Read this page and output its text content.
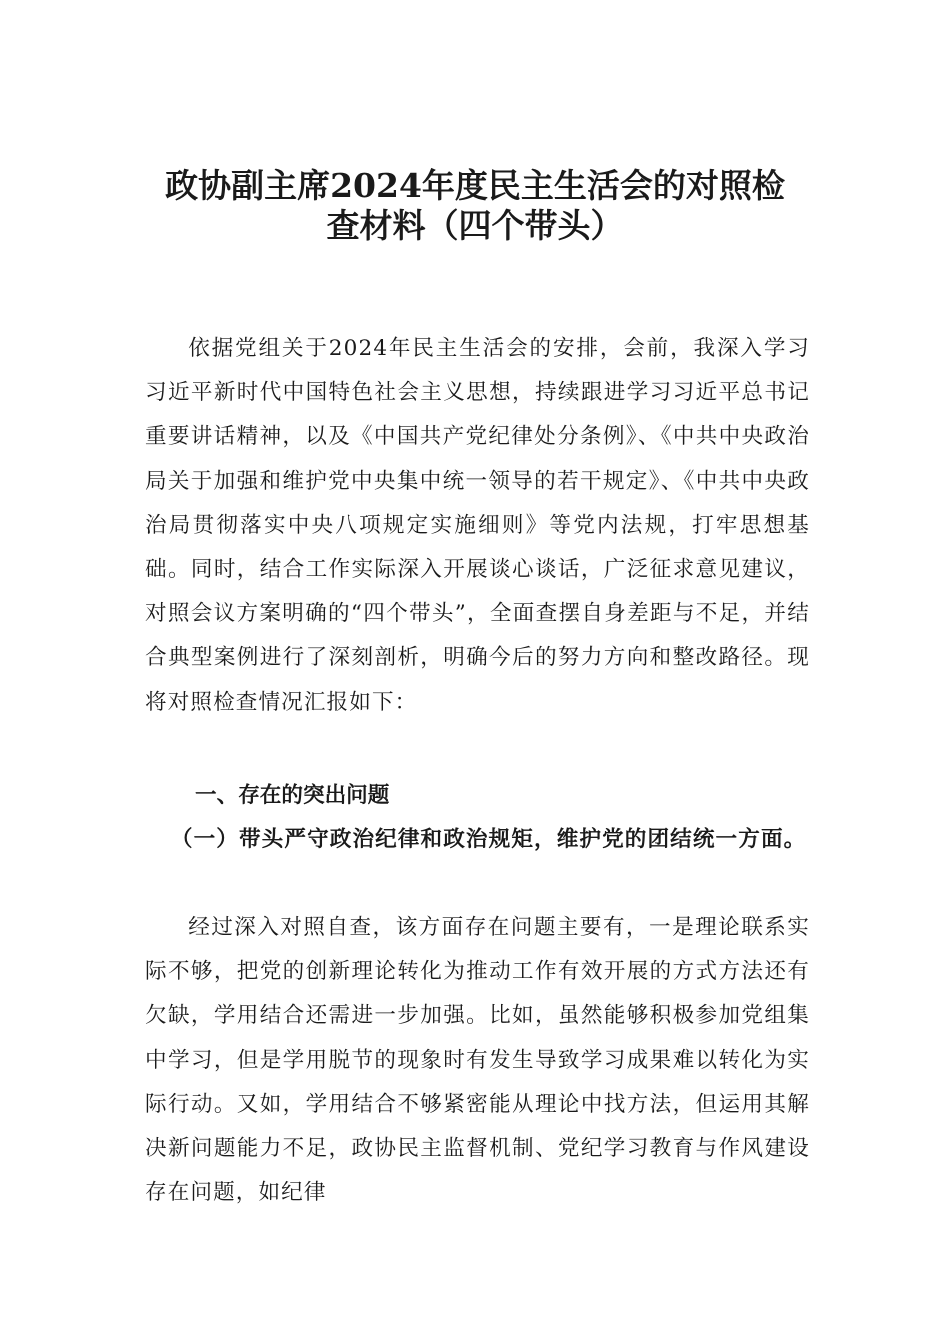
政协副主席2024年度民主生活会的对照检
查材料（四个带头）

依据党组关于2024年民主生活会的安排，会前，我深入学习习近平新时代中国特色社会主义思想，持续跟进学习习近平总书记重要讲话精神，以及《中国共产党纪律处分条例》、《中共中央政治局关于加强和维护党中央集中统一领导的若干规定》、《中共中央政治局贯彻落实中央八项规定实施细则》等党内法规，打牢思想基础。同时，结合工作实际深入开展谈心谈话，广泛征求意见建议，对照会议方案明确的“四个带头”，全面查摆自身差距与不足，并结合典型案例进行了深刻剖析，明确今后的努力方向和整改路径。现将对照检查情况汇报如下：

一、存在的突出问题
（一）带头严守政治纪律和政治规矩，维护党的团结统一方面。

经过深入对照自查，该方面存在问题主要有，一是理论联系实际不够，把党的创新理论转化为推动工作有效开展的方式方法还有欠缺，学用结合还需进一步加强。比如，虽然能够积极参加党组集中学习，但是学用脱节的现象时有发生导致学习成果难以转化为实际行动。又如，学用结合不够紧密能从理论中找方法，但运用其解决新问题能力不足，政协民主监督机制、党纪学习教育与作风建设存在问题，如纪律
